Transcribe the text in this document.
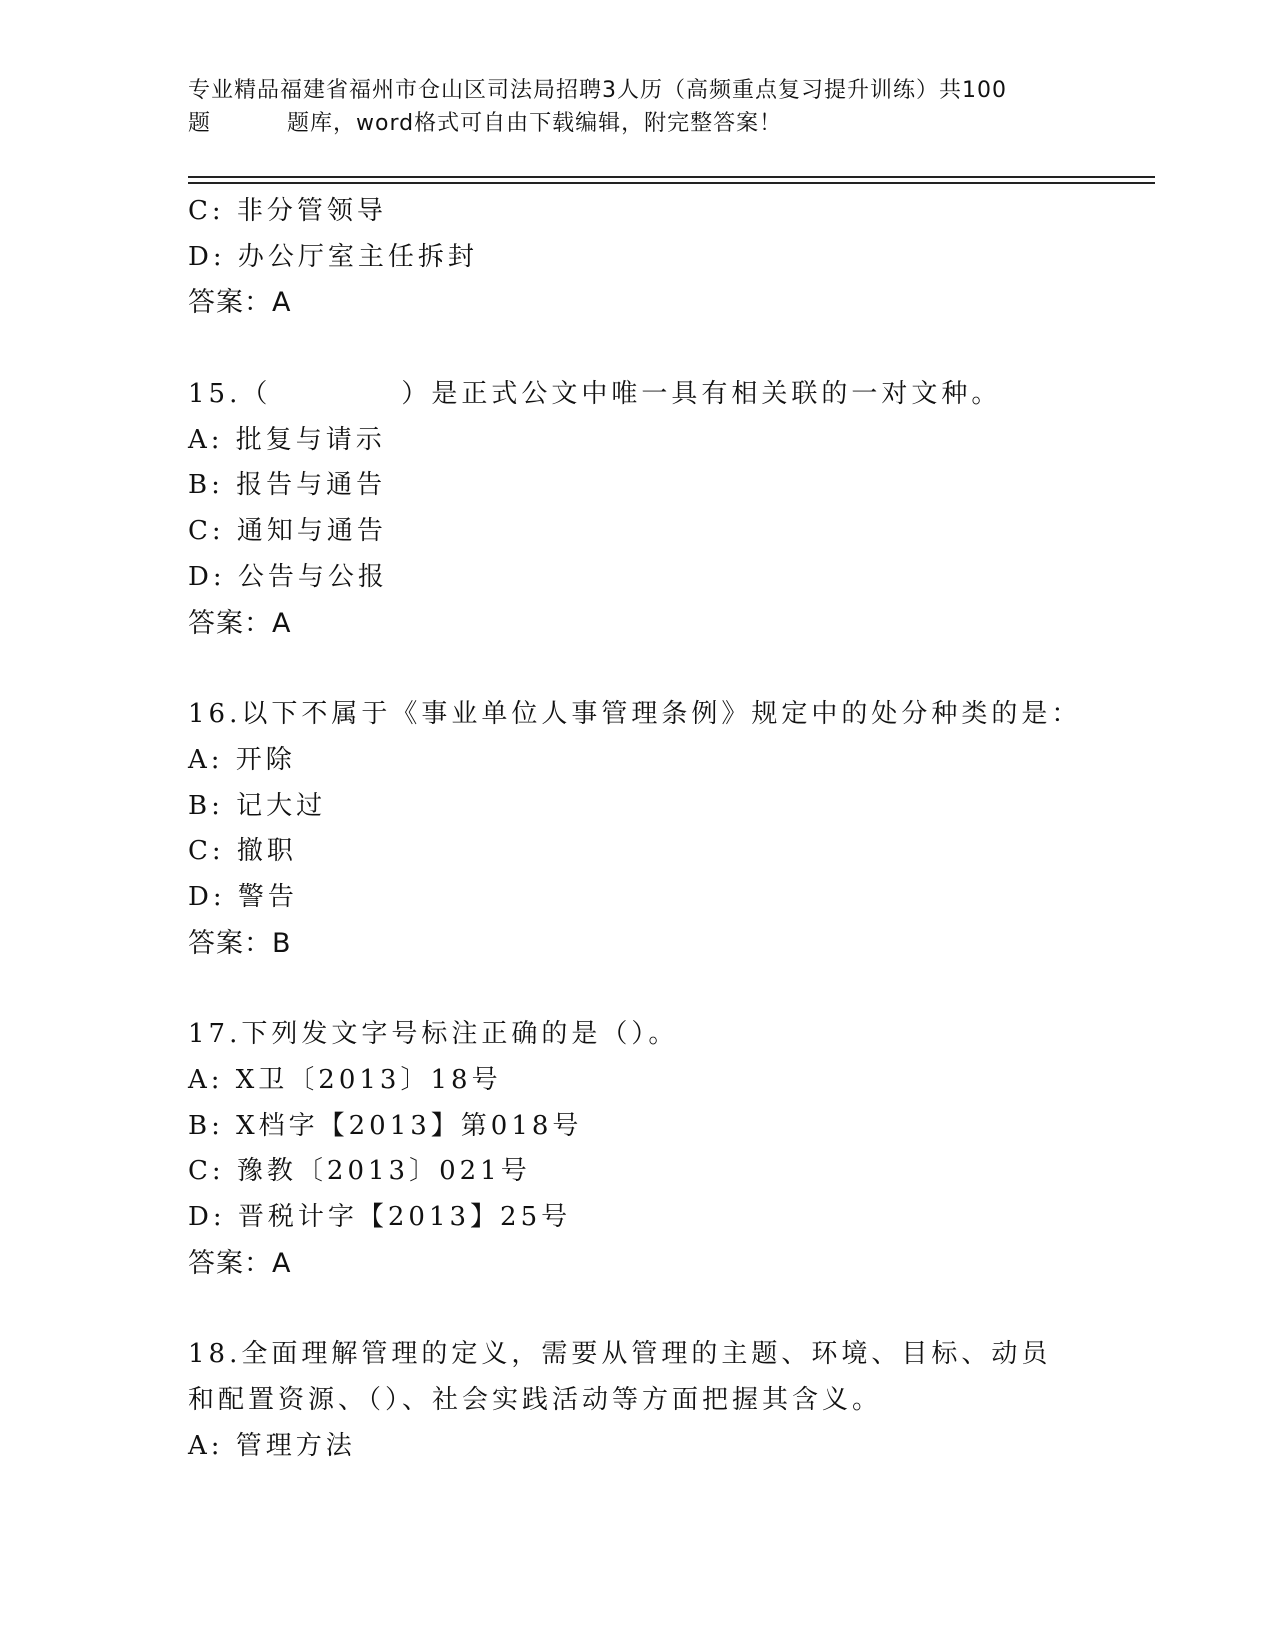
专业精品福建省福州市仓山区司法局招聘3人历（高频重点复习提升训练）共100
题	题库，word格式可自由下载编辑，附完整答案！
C: 非分管领导
D: 办公厅室主任拆封
答案：A
15.（	）是正式公文中唯一具有相关联的一对文种。
A: 批复与请示
B: 报告与通告
C: 通知与通告
D: 公告与公报
答案：A
16.以下不属于《事业单位人事管理条例》规定中的处分种类的是：
A: 开除
B: 记大过
C: 撤职
D: 警告
答案：B
17.下列发文字号标注正确的是（）。
A: X卫〔2013〕18号
B: X档字【2013】第018号
C: 豫教〔2013〕021号
D: 晋税计字【2013】25号
答案：A
18.全面理解管理的定义，需要从管理的主题、环境、目标、动员和配置资源、（）、社会实践活动等方面把握其含义。
A: 管理方法
